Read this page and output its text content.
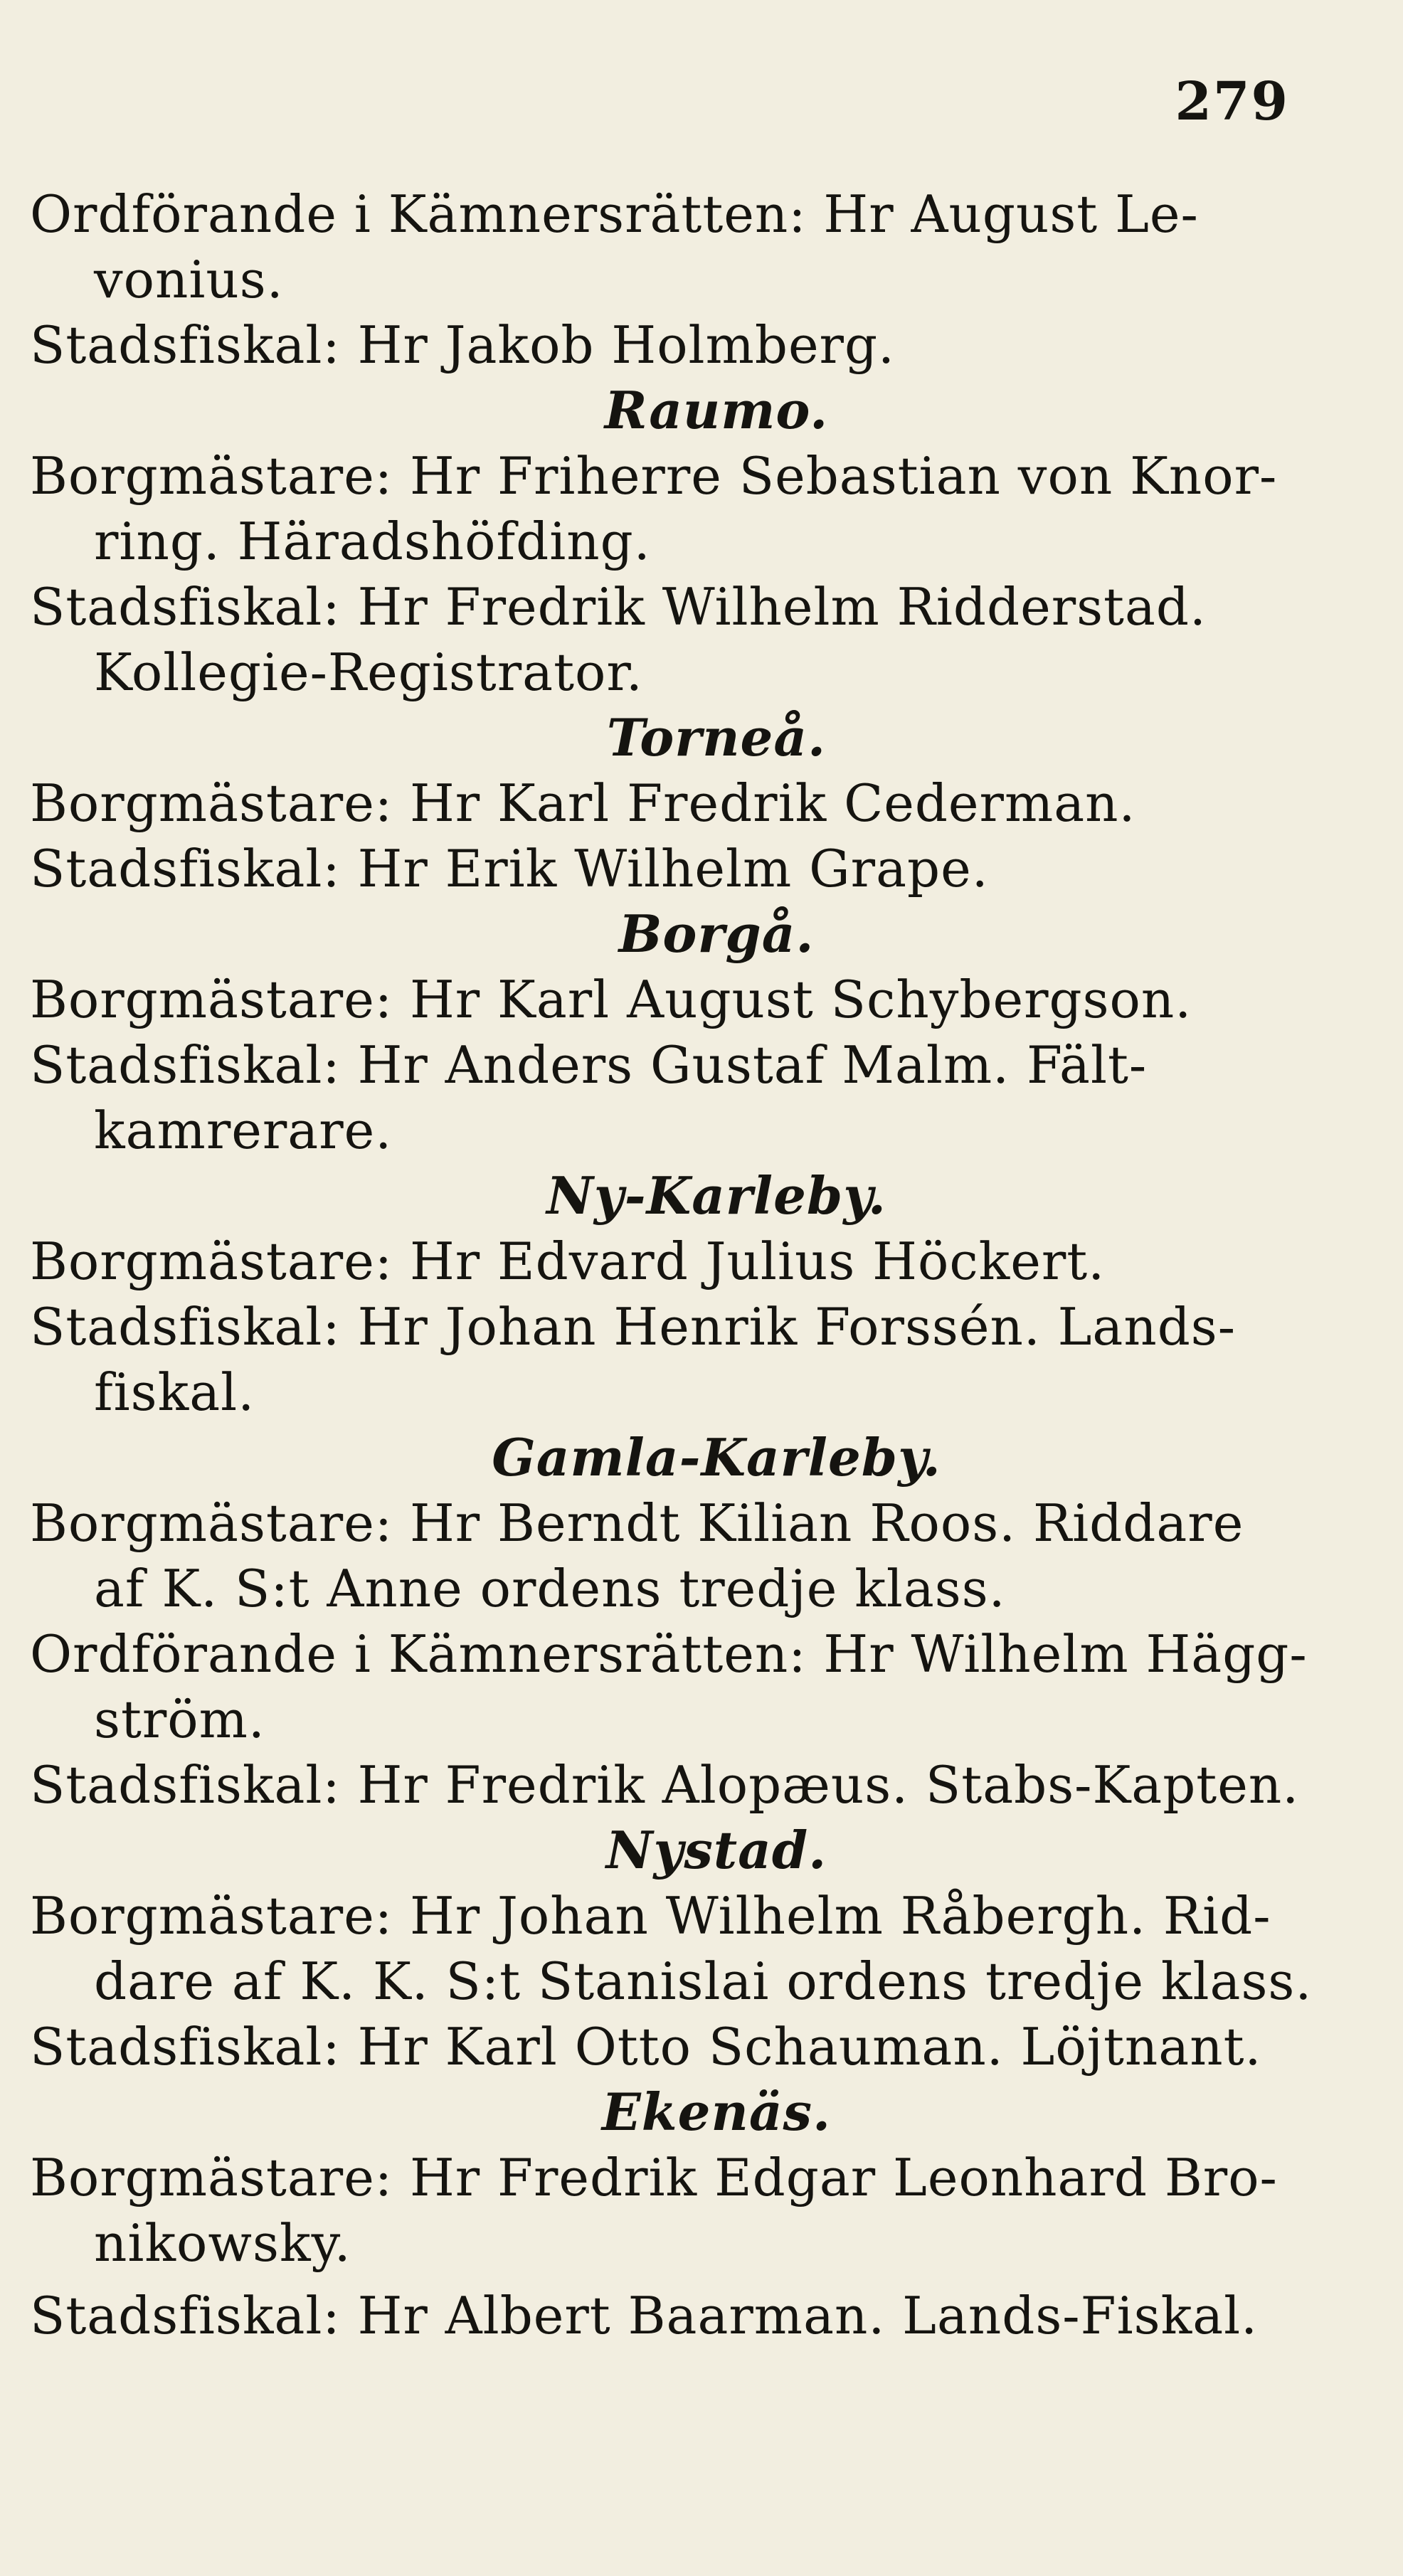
279
Ordförande i Kämnersrätten: Hr August Le-
vonius.
Stadsfiskal: Hr Jakob Holmberg.
Raumo.
Borgmästare: Hr Friherre Sebastian von Knor-
ring. Häradshöfding.
Stadsfiskal: Hr Fredrik Wilhelm Ridderstad.
Kollegie-Registrator.
Torneå.
Borgmästare: Hr Karl Fredrik Cederman.
Stadsfiskal: Hr Erik Wilhelm Grape.
Borgå.
Borgmästare: Hr Karl August Schybergson.
Stadsfiskal: Hr Anders Gustaf Malm. Fält-
kamrerare.
Ny-Karleby.
Borgmästare: Hr Edvard Julius Höckert.
Stadsfiskal: Hr Johan Henrik Forssén. Lands-
fiskal.
Gamla-Karleby.
Borgmästare: Hr Berndt Kilian Roos. Riddare
af K. S:t Anne ordens tredje klass.
Ordförande i Kämnersrätten: Hr Wilhelm Hägg-
ström.
Stadsfiskal: Hr Fredrik Alopæus. Stabs-Kapten.
Nystad.
Borgmästare: Hr Johan Wilhelm Råbergh. Rid-
dare af K. K. S:t Stanislai ordens tredje klass.
Stadsfiskal: Hr Karl Otto Schauman. Löjtnant.
Ekenäs.
Borgmästare: Hr Fredrik Edgar Leonhard Bro-
nikowsky.
Stadsfiskal: Hr Albert Baarman. Lands-Fiskal.
